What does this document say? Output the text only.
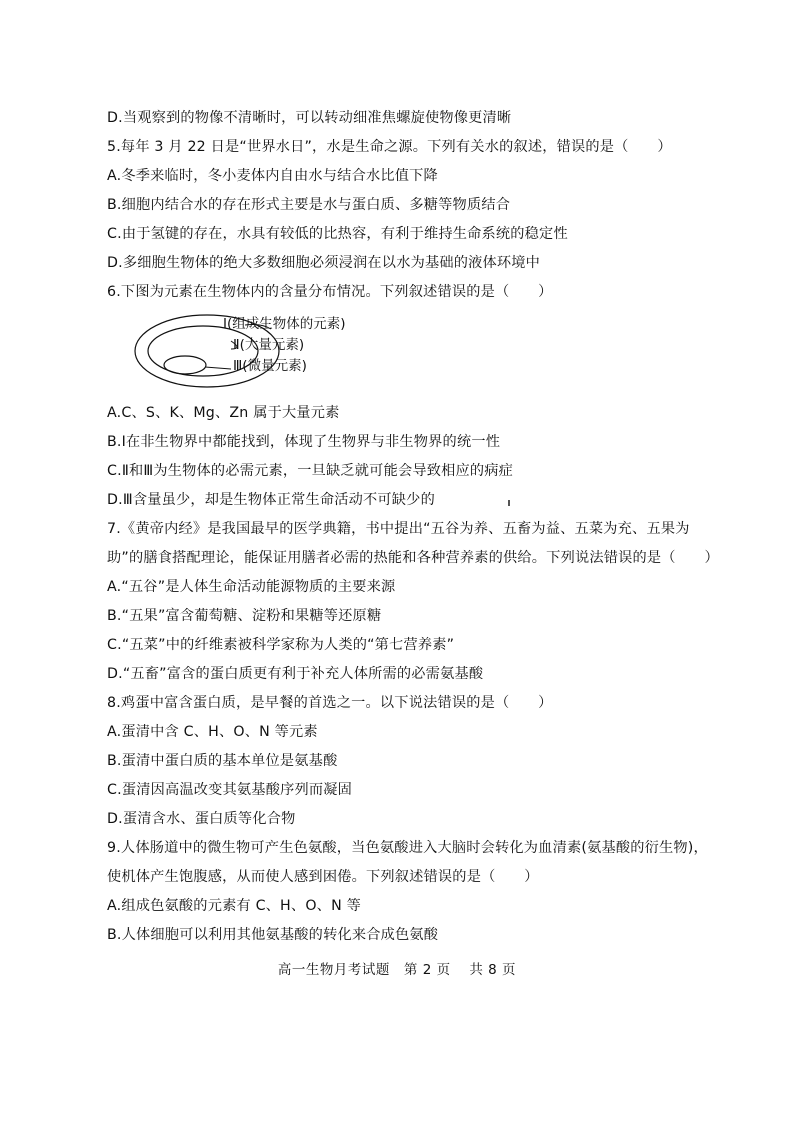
D.当观察到的物像不清晰时，可以转动细准焦螺旋使物像更清晰
5.每年 3 月 22 日是“世界水日”，水是生命之源。下列有关水的叙述，错误的是（　　）
A.冬季来临时，冬小麦体内自由水与结合水比值下降
B.细胞内结合水的存在形式主要是水与蛋白质、多糖等物质结合
C.由于氢键的存在，水具有较低的比热容，有利于维持生命系统的稳定性
D.多细胞生物体的绝大多数细胞必须浸润在以水为基础的液体环境中
6.下图为元素在生物体内的含量分布情况。下列叙述错误的是（　　）
Ⅰ(组成生物体的元素)
Ⅱ(大量元素)
Ⅲ(微量元素)
A.C、S、K、Mg、Zn 属于大量元素
B.Ⅰ在非生物界中都能找到，体现了生物界与非生物界的统一性
C.Ⅱ和Ⅲ为生物体的必需元素，一旦缺乏就可能会导致相应的病症
D.Ⅲ含量虽少，却是生物体正常生命活动不可缺少的
7.《黄帝内经》是我国最早的医学典籍，书中提出“五谷为养、五畜为益、五菜为充、五果为
助”的膳食搭配理论，能保证用膳者必需的热能和各种营养素的供给。下列说法错误的是（　　）
A.“五谷”是人体生命活动能源物质的主要来源
B.“五果”富含葡萄糖、淀粉和果糖等还原糖
C.“五菜”中的纤维素被科学家称为人类的“第七营养素”
D.“五畜”富含的蛋白质更有利于补充人体所需的必需氨基酸
8.鸡蛋中富含蛋白质，是早餐的首选之一。以下说法错误的是（　　）
A.蛋清中含 C、H、O、N 等元素
B.蛋清中蛋白质的基本单位是氨基酸
C.蛋清因高温改变其氨基酸序列而凝固
D.蛋清含水、蛋白质等化合物
9.人体肠道中的微生物可产生色氨酸，当色氨酸进入大脑时会转化为血清素(氨基酸的衍生物)，
使机体产生饱腹感，从而使人感到困倦。下列叙述错误的是（　　）
A.组成色氨酸的元素有 C、H、O、N 等
B.人体细胞可以利用其他氨基酸的转化来合成色氨酸
高一生物月考试题　第 2 页　 共 8 页
